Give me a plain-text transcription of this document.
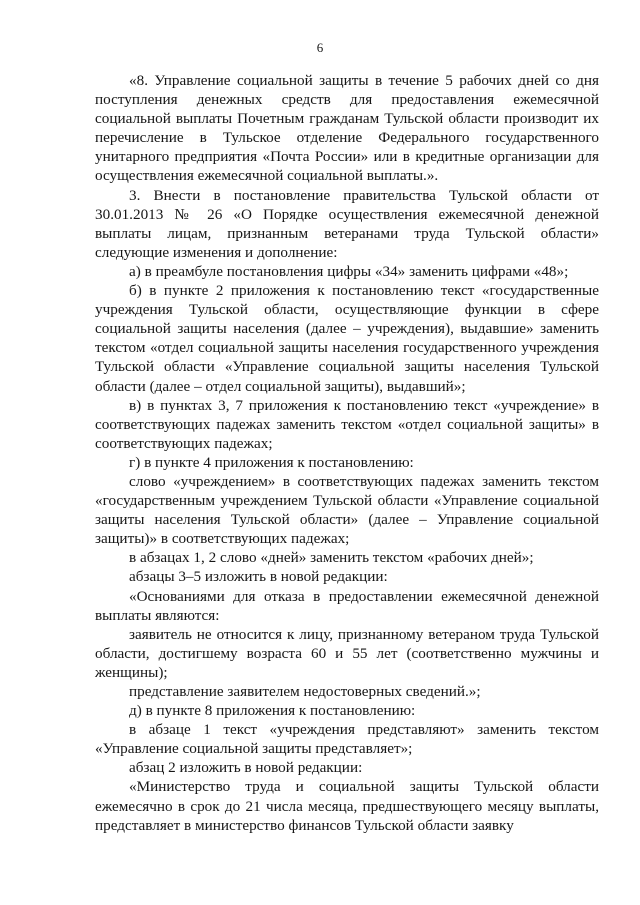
6

«8. Управление социальной защиты в течение 5 рабочих дней со дня поступления денежных средств для предоставления ежемесячной социальной выплаты Почетным гражданам Тульской области производит их перечисление в Тульское отделение Федерального государственного унитарного предприятия «Почта России» или в кредитные организации для осуществления ежемесячной социальной выплаты.».

3. Внести в постановление правительства Тульской области от 30.01.2013 № 26 «О Порядке осуществления ежемесячной денежной выплаты лицам, признанным ветеранами труда Тульской области» следующие изменения и дополнение:

а) в преамбуле постановления цифры «34» заменить цифрами «48»;

б) в пункте 2 приложения к постановлению текст «государственные учреждения Тульской области, осуществляющие функции в сфере социальной защиты населения (далее – учреждения), выдавшие» заменить текстом «отдел социальной защиты населения государственного учреждения Тульской области «Управление социальной защиты населения Тульской области (далее – отдел социальной защиты), выдавший»;

в) в пунктах 3, 7 приложения к постановлению текст «учреждение» в соответствующих падежах заменить текстом «отдел социальной защиты» в соответствующих падежах;

г) в пункте 4 приложения к постановлению:

слово «учреждением» в соответствующих падежах заменить текстом «государственным учреждением Тульской области «Управление социальной защиты населения Тульской области» (далее – Управление социальной защиты)» в соответствующих падежах;

в абзацах 1, 2 слово «дней» заменить текстом «рабочих дней»;

абзацы 3–5 изложить в новой редакции:

«Основаниями для отказа в предоставлении ежемесячной денежной выплаты являются:

заявитель не относится к лицу, признанному ветераном труда Тульской области, достигшему возраста 60 и 55 лет (соответственно мужчины и женщины);

представление заявителем недостоверных сведений.»;

д) в пункте 8 приложения к постановлению:

в абзаце 1 текст «учреждения представляют» заменить текстом «Управление социальной защиты представляет»;

абзац 2 изложить в новой редакции:

«Министерство труда и социальной защиты Тульской области ежемесячно в срок до 21 числа месяца, предшествующего месяцу выплаты, представляет в министерство финансов Тульской области заявку
